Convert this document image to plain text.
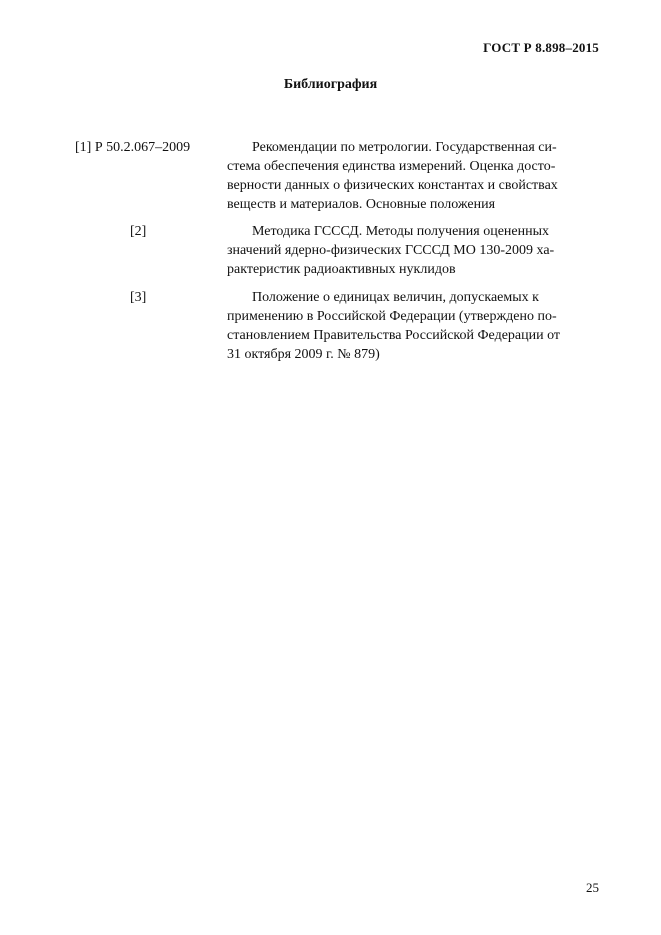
ГОСТ Р 8.898–2015
Библиография
[1] Р 50.2.067–2009	Рекомендации по метрологии. Государственная си-
стема обеспечения единства измерений. Оценка досто-
верности данных о физических константах и свойствах
веществ и материалов. Основные положения
[2]	Методика ГСССД. Методы получения оцененных
значений ядерно-физических ГСССД МО 130-2009 ха-
рактеристик радиоактивных нуклидов
[3]	Положение о единицах величин, допускаемых к
применению в Российской Федерации (утверждено по-
становлением Правительства Российской Федерации от
31 октября 2009 г. № 879)
25
